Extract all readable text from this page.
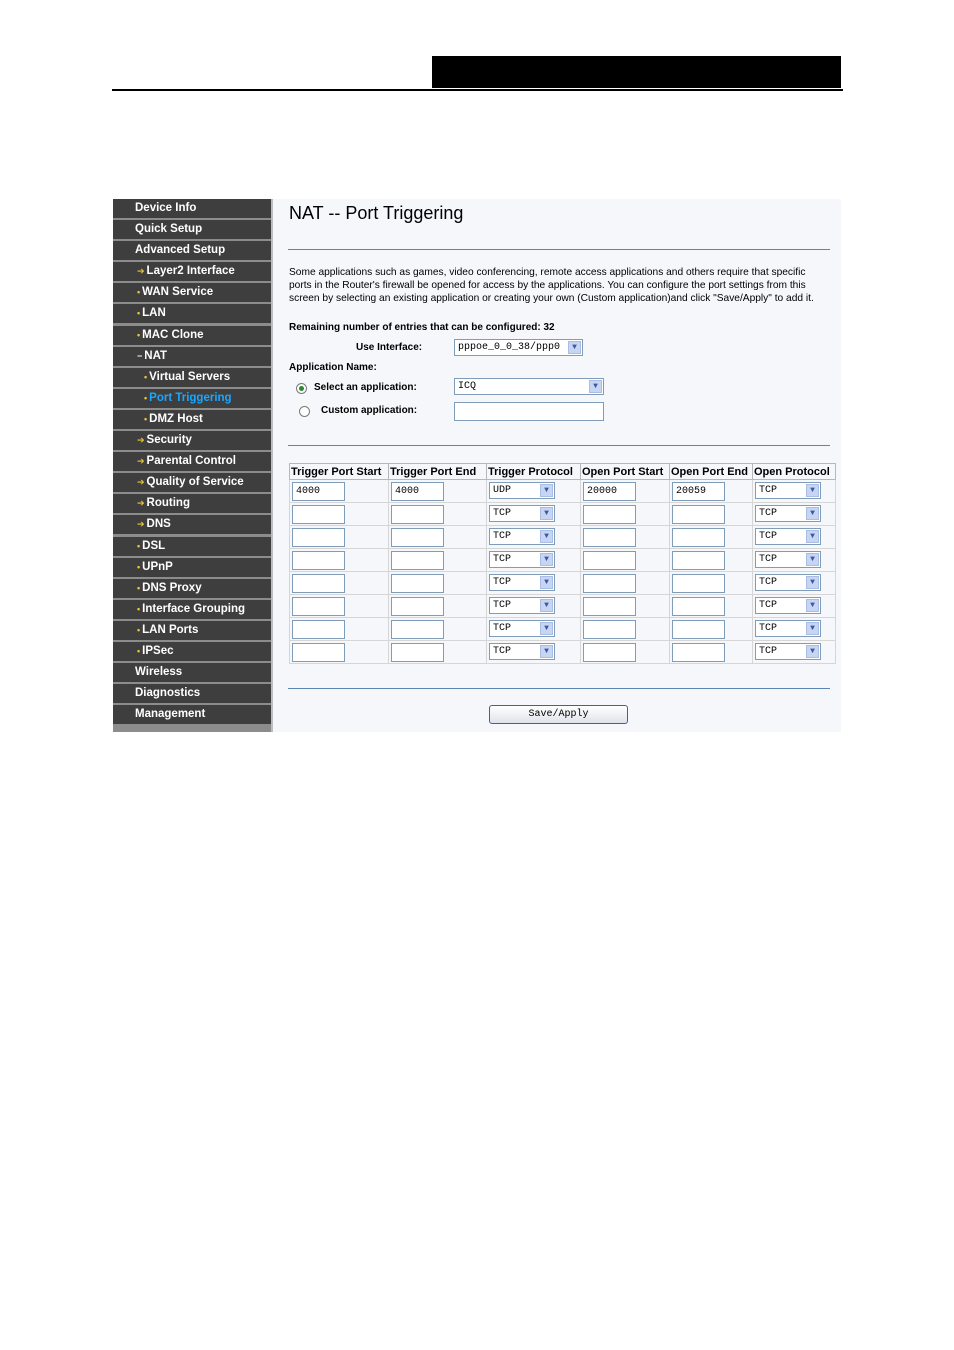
Device Info
Quick Setup
Advanced Setup
➔ Layer2 Interface
• WAN Service
• LAN
• MAC Clone
− NAT
• Virtual Servers
• Port Triggering
• DMZ Host
➔ Security
➔ Parental Control
➔ Quality of Service
➔ Routing
➔ DNS
• DSL
• UPnP
• DNS Proxy
• Interface Grouping
• LAN Ports
• IPSec
Wireless
Diagnostics
Management
NAT -- Port Triggering
Some applications such as games, video conferencing, remote access applications and others require that specific ports in the Router's firewall be opened for access by the applications. You can configure the port settings from this screen by selecting an existing application or creating your own (Custom application)and click "Save/Apply" to add it.
Remaining number of entries that can be configured: 32
Use Interface:	pppoe_0_0_38/ppp0	▼
Application Name:
Select an application:	ICQ	▼
Custom application:
Trigger Port Start	Trigger Port End	Trigger Protocol	Open Port Start	Open Port End	Open Protocol
4000	4000	UDP ▼	20000	20059	TCP ▼

		TCP ▼			TCP ▼

		TCP ▼			TCP ▼

		TCP ▼			TCP ▼

		TCP ▼			TCP ▼

		TCP ▼			TCP ▼

		TCP ▼			TCP ▼

		TCP ▼			TCP ▼
Save/Apply
